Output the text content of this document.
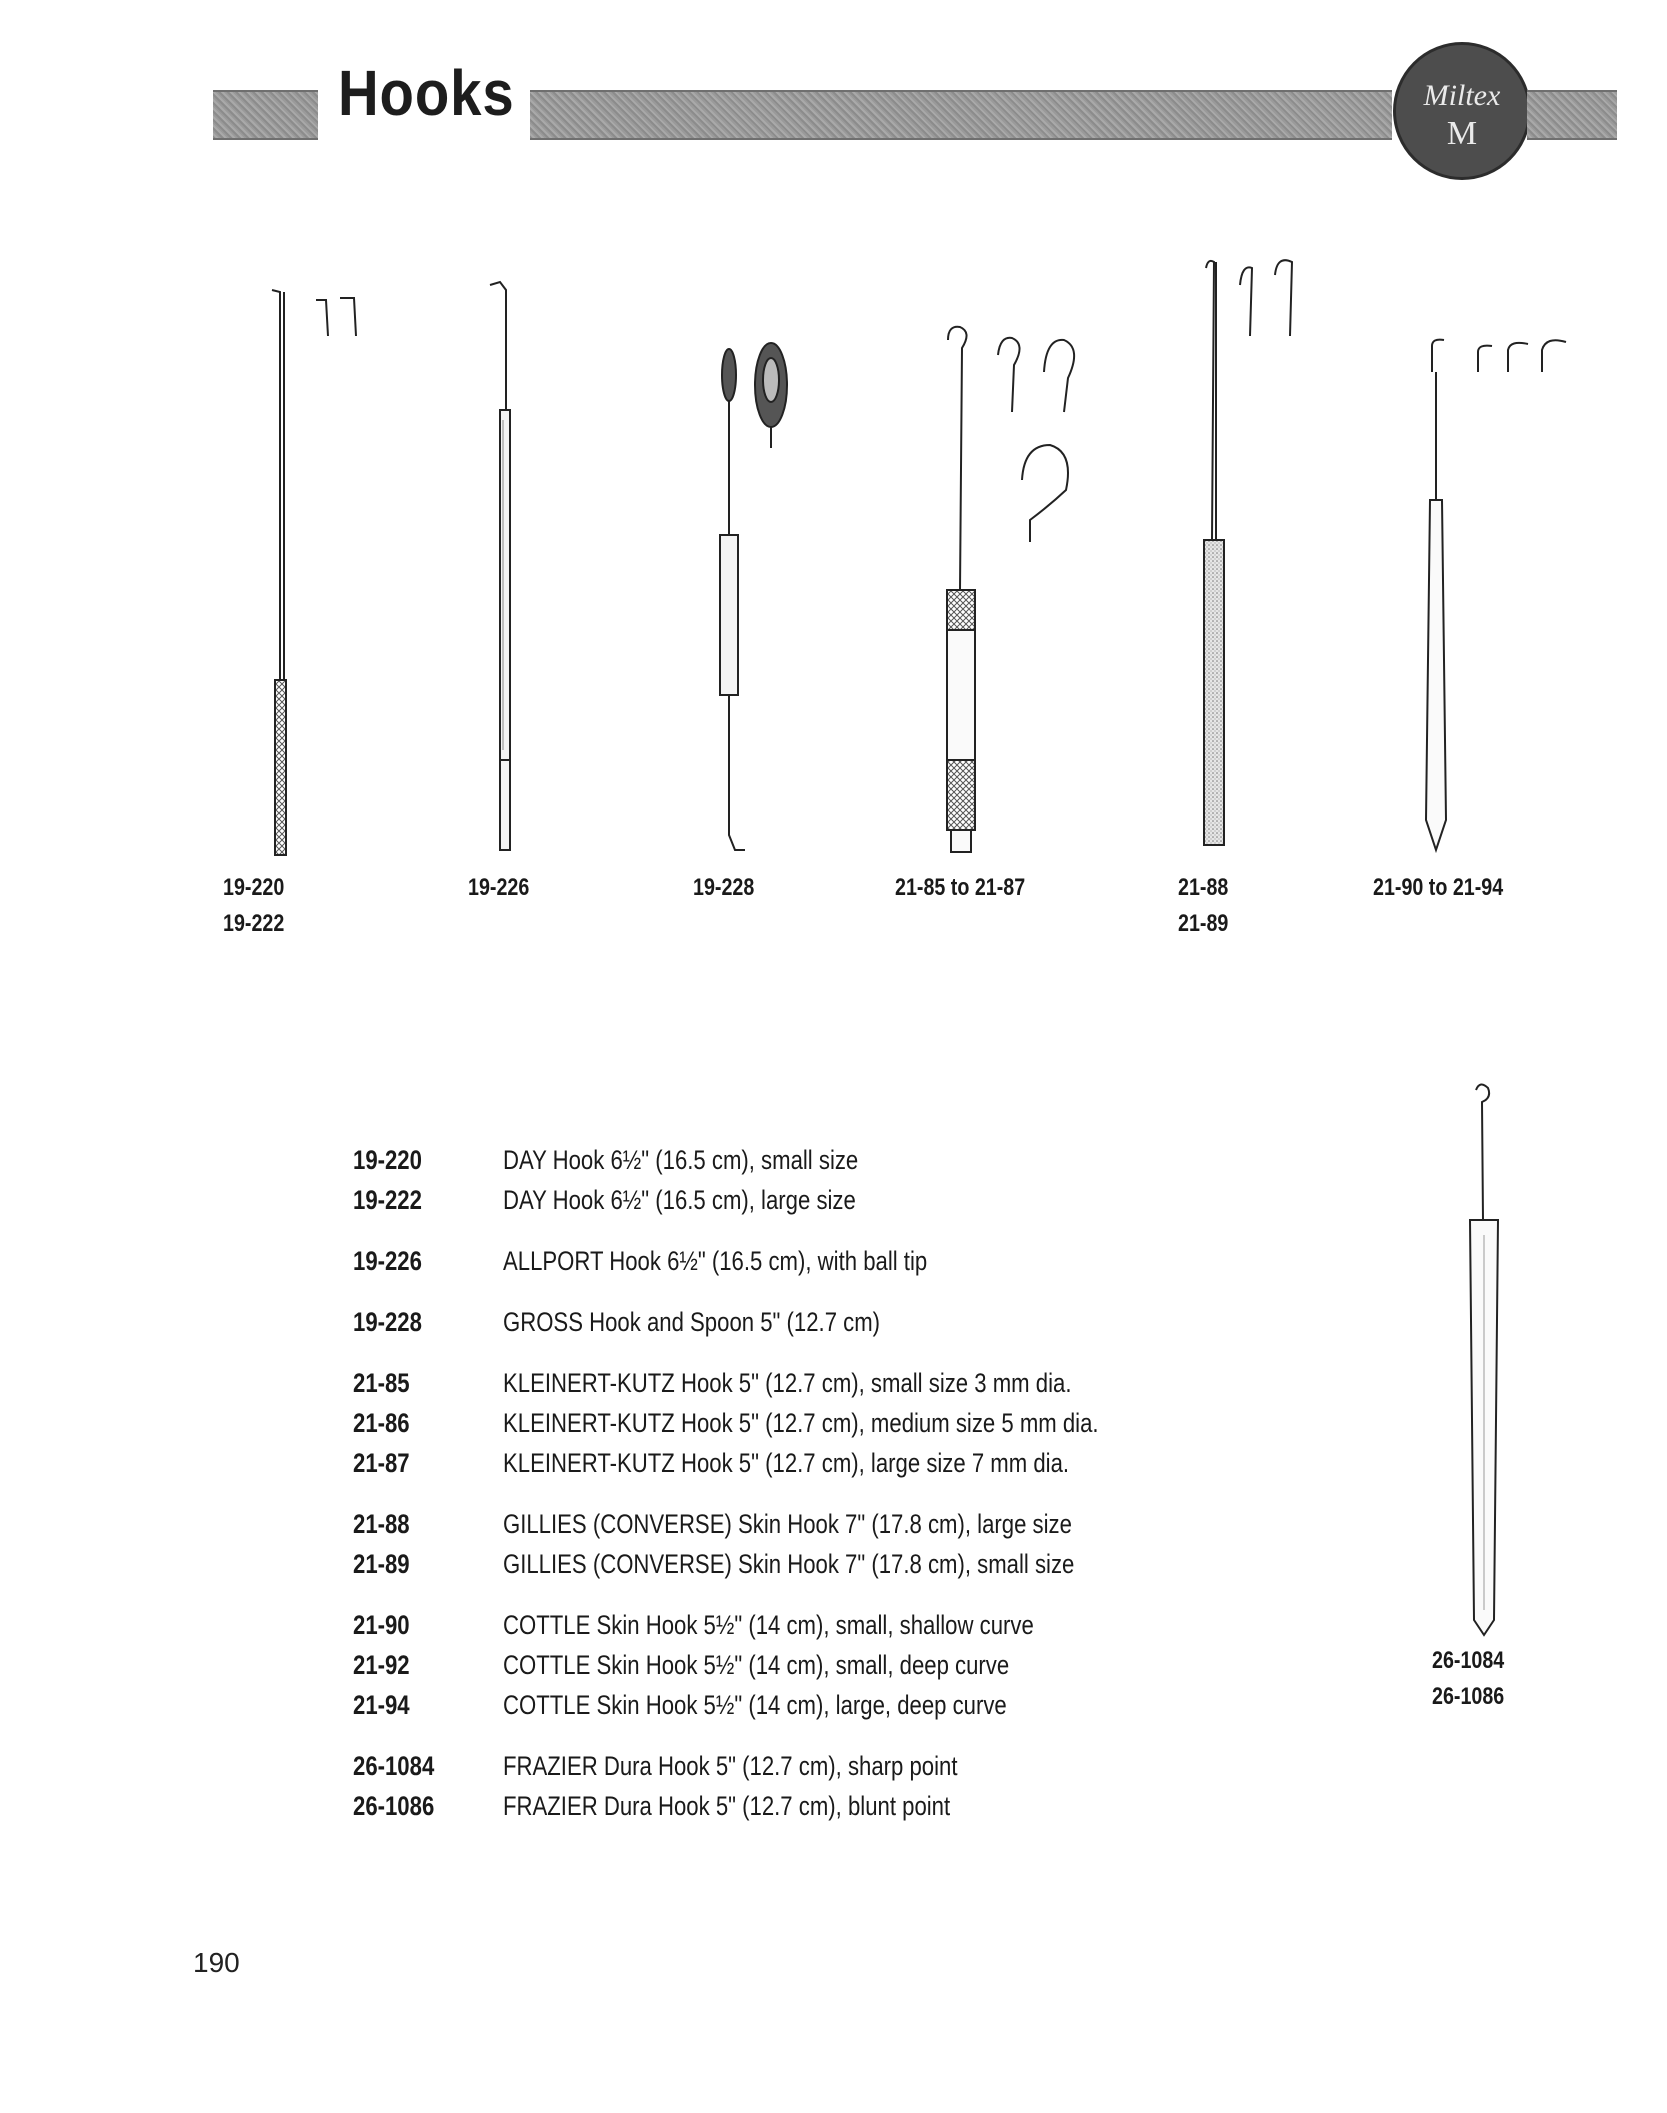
Hooks	Miltex
M
19-220
19-222
19-226	19-228	21-85 to 21-87	21-88
21-89
21-90 to 21-94
26-1084
26-1086
19-220	DAY Hook 6½" (16.5 cm), small size
19-222	DAY Hook 6½" (16.5 cm), large size
19-226	ALLPORT Hook 6½" (16.5 cm), with ball tip
19-228	GROSS Hook and Spoon 5" (12.7 cm)
21-85	KLEINERT-KUTZ Hook 5" (12.7 cm), small size 3 mm dia.
21-86	KLEINERT-KUTZ Hook 5" (12.7 cm), medium size 5 mm dia.
21-87	KLEINERT-KUTZ Hook 5" (12.7 cm), large size 7 mm dia.
21-88	GILLIES (CONVERSE) Skin Hook 7" (17.8 cm), large size
21-89	GILLIES (CONVERSE) Skin Hook 7" (17.8 cm), small size
21-90	COTTLE Skin Hook 5½" (14 cm), small, shallow curve
21-92	COTTLE Skin Hook 5½" (14 cm), small, deep curve
21-94	COTTLE Skin Hook 5½" (14 cm), large, deep curve
26-1084	FRAZIER Dura Hook 5" (12.7 cm), sharp point
26-1086	FRAZIER Dura Hook 5" (12.7 cm), blunt point
190
